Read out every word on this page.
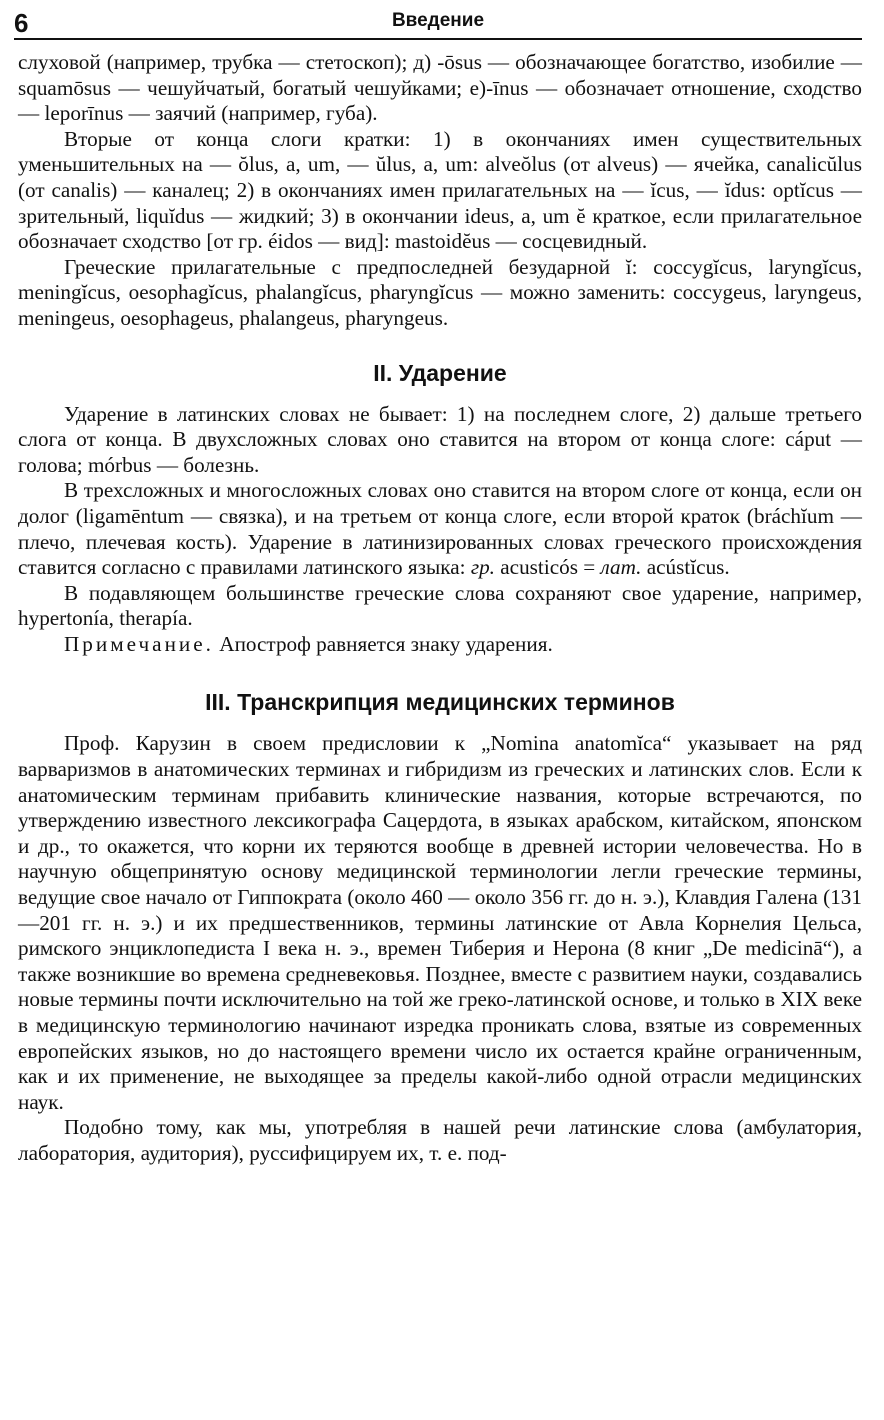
6	Введение

слуховой (например, трубка — стетоскоп); д) -ōsus — обозначающее богатство, изобилие — squamōsus — чешуйчатый, богатый чешуйками; е)-īnus — обозначает отношение, сходство — leporīnus — заячий (например, губа).

Вторые от конца слоги кратки: 1) в окончаниях имен существительных уменьшительных на — ŏlus, a, um, — ŭlus, a, um: alveŏlus (от alveus) — ячейка, canalicŭlus (от canalis) — каналец; 2) в окончаниях имен прилагательных на — ĭcus, — ĭdus: optĭcus — зрительный, liquĭdus — жидкий; 3) в окончании ideus, a, um ĕ краткое, если прилагательное обозначает сходство [от гр. éidos — вид]: mastoidĕus — сосцевидный.

Греческие прилагательные с предпоследней безударной ĭ: coccygĭcus, laryngĭcus, meningĭcus, oesophagĭcus, phalangĭcus, pharyngĭcus — можно заменить: coccygeus, laryngeus, meningeus, oesophageus, phalangeus, pharyngeus.

II. Ударение

Ударение в латинских словах не бывает: 1) на последнем слоге, 2) дальше третьего слога от конца. В двухсложных словах оно ставится на втором от конца слоге: cáput — голова; mórbus — болезнь.

В трехсложных и многосложных словах оно ставится на втором слоге от конца, если он долог (ligamēntum — связка), и на третьем от конца слоге, если второй краток (bráchĭum — плечо, плечевая кость). Ударение в латинизированных словах греческого происхождения ставится согласно с правилами латинского языка: гр. acusticós = лат. acústĭcus.

В подавляющем большинстве греческие слова сохраняют свое ударение, например, hypertonía, therapía.

Примечание. Апостроф равняется знаку ударения.

III. Транскрипция медицинских терминов

Проф. Карузин в своем предисловии к „Nomina anatomĭca“ указывает на ряд варваризмов в анатомических терминах и гибридизм из греческих и латинских слов. Если к анатомическим терминам прибавить клинические названия, которые встречаются, по утверждению известного лексикографа Сацердота, в языках арабском, китайском, японском и др., то окажется, что корни их теряются вообще в древней истории человечества. Но в научную общепринятую основу медицинской терминологии легли греческие термины, ведущие свое начало от Гиппократа (около 460 — около 356 гг. до н. э.), Клавдия Галена (131—201 гг. н. э.) и их предшественников, термины латинские от Авла Корнелия Цельса, римского энциклопедиста I века н. э., времен Тиберия и Нерона (8 книг „De medicinā“), а также возникшие во времена средневековья. Позднее, вместе с развитием науки, создавались новые термины почти исключительно на той же греко-латинской основе, и только в XIX веке в медицинскую терминологию начинают изредка проникать слова, взятые из современных европейских языков, но до настоящего времени число их остается крайне ограниченным, как и их применение, не выходящее за пределы какой-либо одной отрасли медицинских наук.

Подобно тому, как мы, употребляя в нашей речи латинские слова (амбулатория, лаборатория, аудитория), руссифицируем их, т. е. под-
